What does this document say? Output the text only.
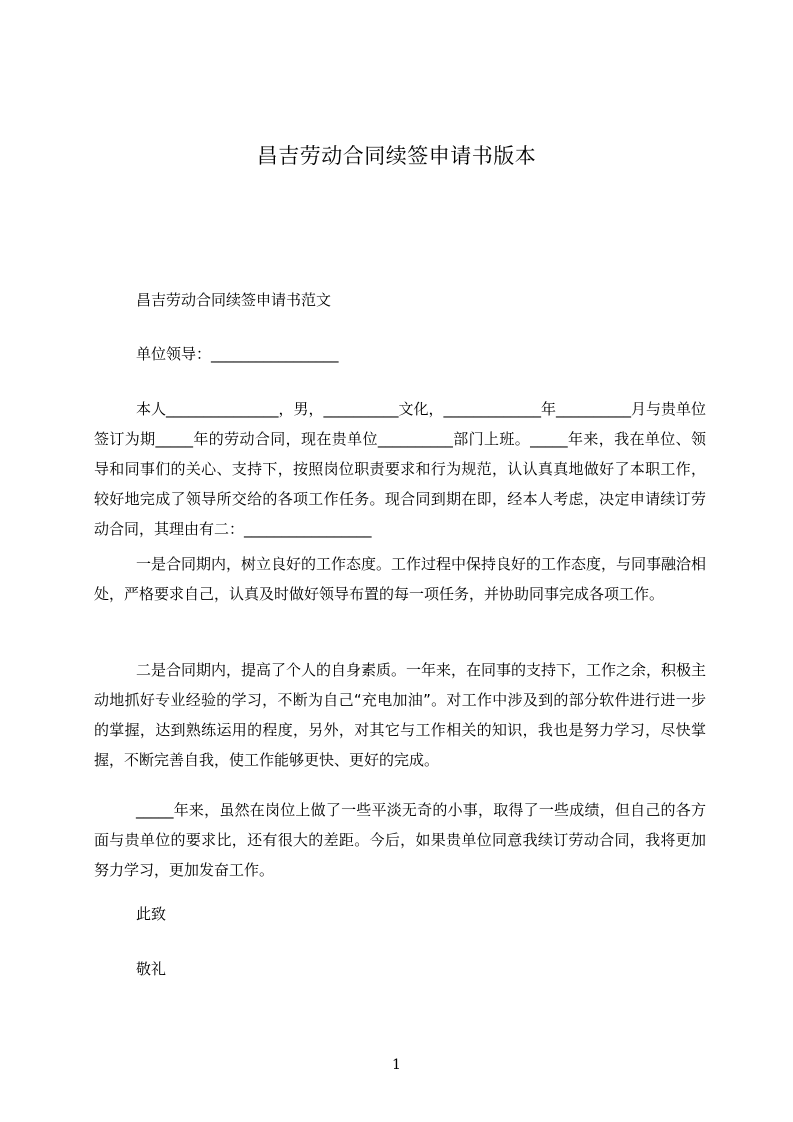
昌吉劳动合同续签申请书版本

昌吉劳动合同续签申请书范文

单位领导：_________________

本人_______________，男，__________文化，_____________年__________月与贵单位签订为期_____年的劳动合同，现在贵单位__________部门上班。_____年来，我在单位、领导和同事们的关心、支持下，按照岗位职责要求和行为规范，认认真真地做好了本职工作，较好地完成了领导所交给的各项工作任务。现合同到期在即，经本人考虑，决定申请续订劳动合同，其理由有二：_________________

一是合同期内，树立良好的工作态度。工作过程中保持良好的工作态度，与同事融洽相处，严格要求自己，认真及时做好领导布置的每一项任务，并协助同事完成各项工作。

二是合同期内，提高了个人的自身素质。一年来，在同事的支持下，工作之余，积极主动地抓好专业经验的学习，不断为自己“充电加油”。对工作中涉及到的部分软件进行进一步的掌握，达到熟练运用的程度，另外，对其它与工作相关的知识，我也是努力学习，尽快掌握，不断完善自我，使工作能够更快、更好的完成。

_____年来，虽然在岗位上做了一些平淡无奇的小事，取得了一些成绩，但自己的各方面与贵单位的要求比，还有很大的差距。今后，如果贵单位同意我续订劳动合同，我将更加努力学习，更加发奋工作。

此致

敬礼

1
